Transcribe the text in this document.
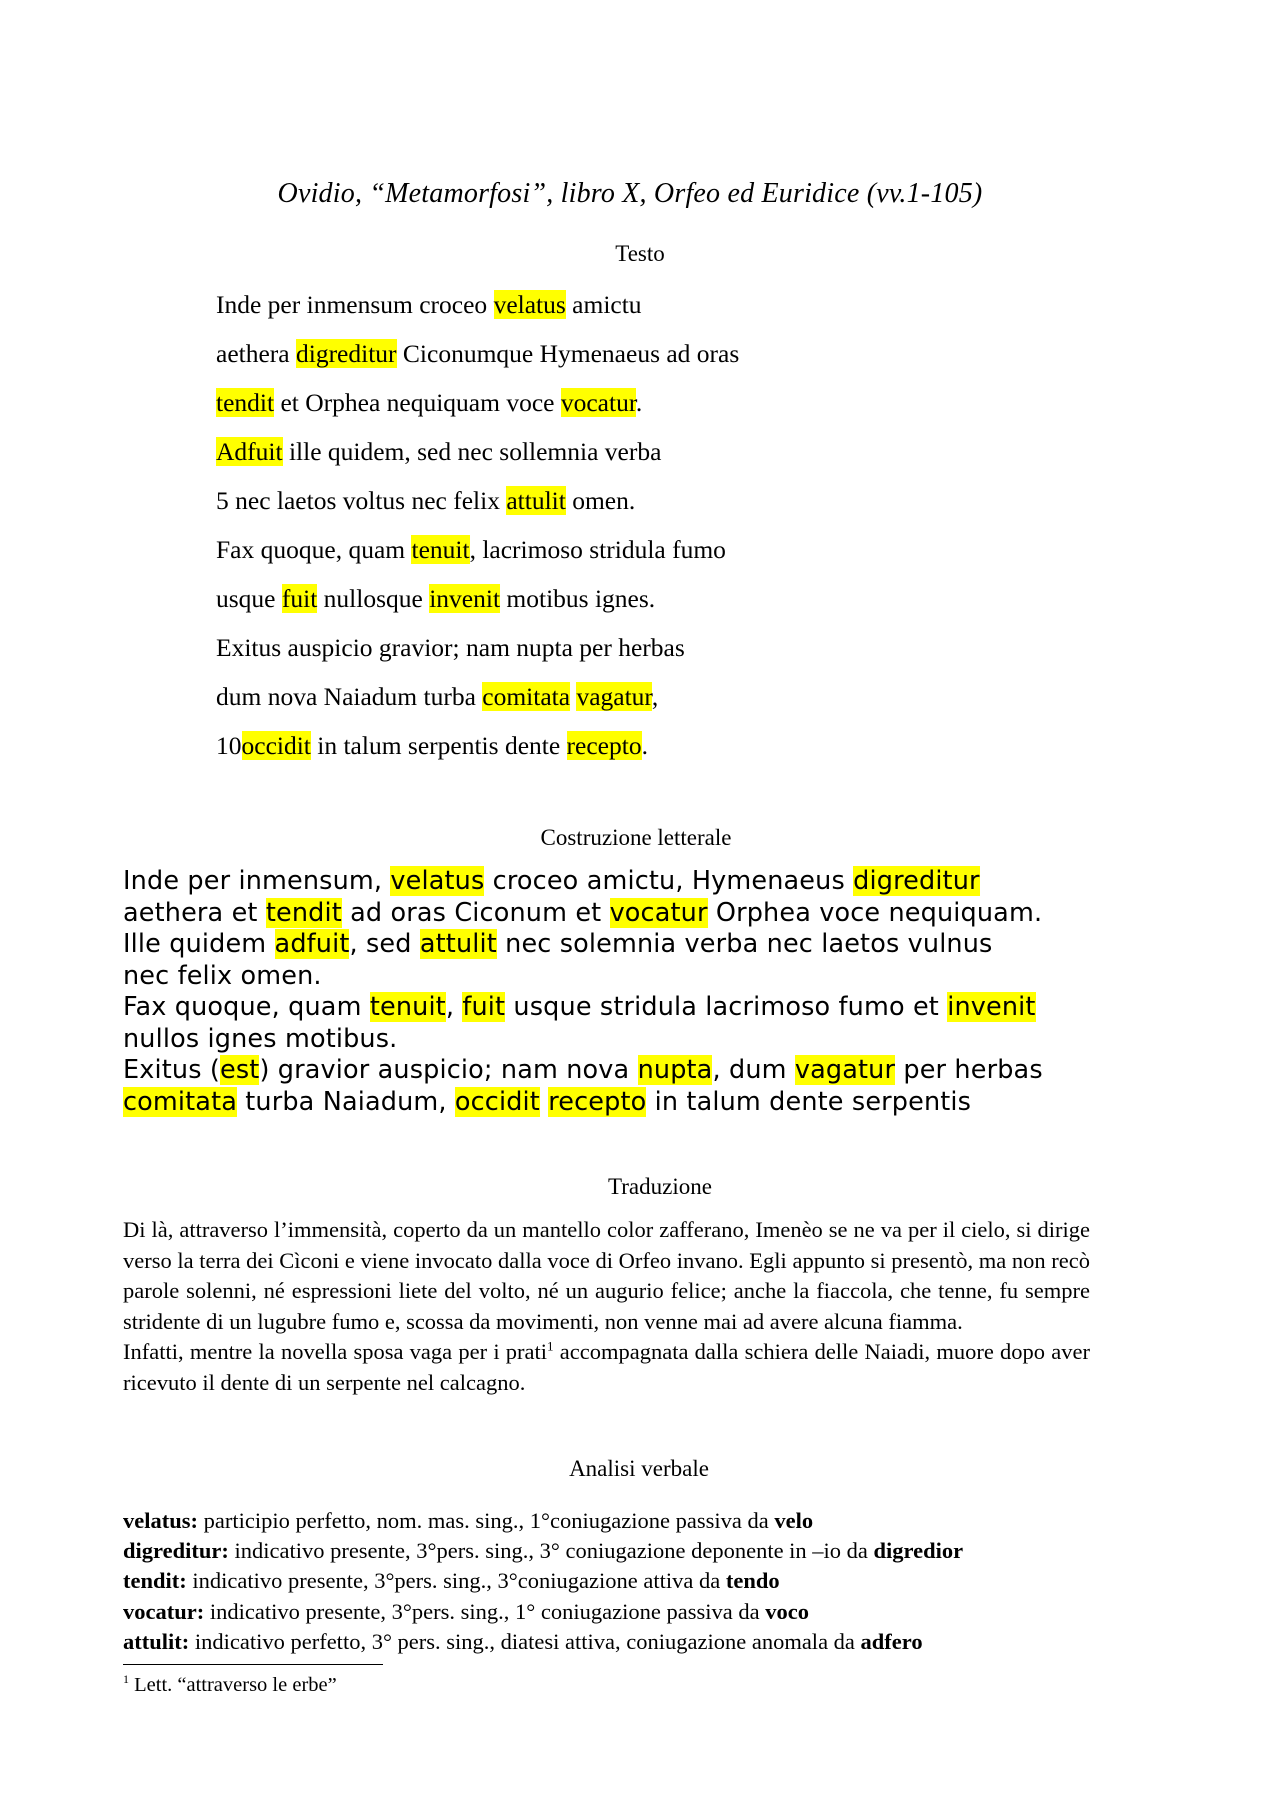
Ovidio, “Metamorfosi”, libro X, Orfeo ed Euridice (vv.1-105)
Testo
Inde per inmensum croceo velatus amictu
aethera digreditur Ciconumque Hymenaeus ad oras
tendit et Orphea nequiquam voce vocatur.
Adfuit ille quidem, sed nec sollemnia verba
5 nec laetos voltus nec felix attulit omen.
Fax quoque, quam tenuit, lacrimoso stridula fumo
usque fuit nullosque invenit motibus ignes.
Exitus auspicio gravior; nam nupta per herbas
dum nova Naiadum turba comitata vagatur,
10occidit in talum serpentis dente recepto.
Costruzione letterale
Inde per inmensum, velatus croceo amictu, Hymenaeus digreditur
aethera et tendit ad oras Ciconum et vocatur Orphea voce nequiquam.
Ille quidem adfuit, sed attulit nec solemnia verba nec laetos vulnus
nec felix omen.
Fax quoque, quam tenuit, fuit usque stridula lacrimoso fumo et invenit
nullos ignes motibus.
Exitus (est) gravior auspicio; nam nova nupta, dum vagatur per herbas
comitata turba Naiadum, occidit recepto in talum dente serpentis
Traduzione

Di là, attraverso l’immensità, coperto da un mantello color zafferano, Imenèo se ne va per il cielo, si dirige verso la terra dei Cìconi e viene invocato dalla voce di Orfeo invano. Egli appunto si presentò, ma non recò parole solenni, né espressioni liete del volto, né un augurio felice; anche la fiaccola, che tenne, fu sempre stridente di un lugubre fumo e, scossa da movimenti, non venne mai ad avere alcuna fiamma.

Infatti, mentre la novella sposa vaga per i prati$^1$ accompagnata dalla schiera delle Naiadi, muore dopo aver ricevuto il dente di un serpente nel calcagno.

Analisi verbale
velatus: participio perfetto, nom. mas. sing., 1°coniugazione passiva da velo
digreditur: indicativo presente, 3°pers. sing., 3° coniugazione deponente in –io da digredior
tendit: indicativo presente, 3°pers. sing., 3°coniugazione attiva da tendo
vocatur: indicativo presente, 3°pers. sing., 1° coniugazione passiva da voco
attulit: indicativo perfetto, 3° pers. sing., diatesi attiva, coniugazione anomala da adfero
$^1$ Lett. “attraverso le erbe”
